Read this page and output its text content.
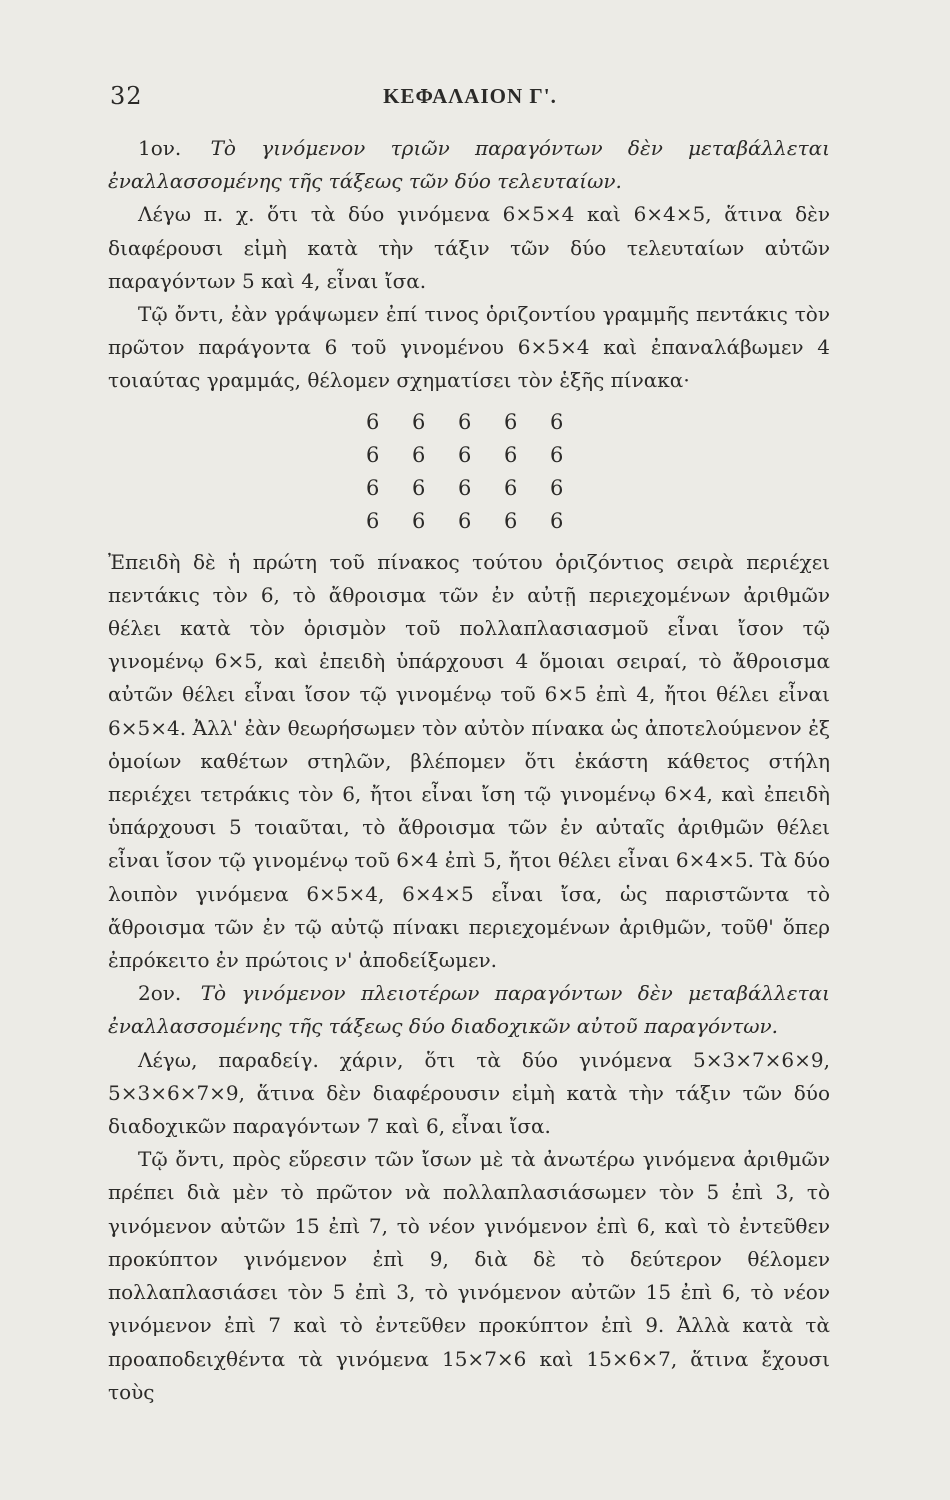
32	ΚΕΦΑΛΑΙΟΝ Γ'.

1ον. Τὸ γινόμενον τριῶν παραγόντων δὲν μεταβάλλεται ἐναλλασσομένης τῆς τάξεως τῶν δύο τελευταίων.

Λέγω π. χ. ὅτι τὰ δύο γινόμενα 6×5×4 καὶ 6×4×5, ἅτινα δὲν διαφέρουσι εἰμὴ κατὰ τὴν τάξιν τῶν δύο τελευταίων αὐτῶν παραγόντων 5 καὶ 4, εἶναι ἴσα.

Τῷ ὄντι, ἐὰν γράψωμεν ἐπί τινος ὁριζοντίου γραμμῆς πεντάκις τὸν πρῶτον παράγοντα 6 τοῦ γινομένου 6×5×4 καὶ ἐπαναλάβωμεν 4 τοιαύτας γραμμάς, θέλομεν σχηματίσει τὸν ἑξῆς πίνακα·

6	6	6	6	6
6	6	6	6	6
6	6	6	6	6
6	6	6	6	6

Ἐπειδὴ δὲ ἡ πρώτη τοῦ πίνακος τούτου ὁριζόντιος σειρὰ περιέχει πεντάκις τὸν 6, τὸ ἄθροισμα τῶν ἐν αὐτῇ περιεχομένων ἀριθμῶν θέλει κατὰ τὸν ὁρισμὸν τοῦ πολλαπλασιασμοῦ εἶναι ἴσον τῷ γινομένῳ 6×5, καὶ ἐπειδὴ ὑπάρχουσι 4 ὅμοιαι σειραί, τὸ ἄθροισμα αὐτῶν θέλει εἶναι ἴσον τῷ γινομένῳ τοῦ 6×5 ἐπὶ 4, ἤτοι θέλει εἶναι 6×5×4. Ἀλλ' ἐὰν θεωρήσωμεν τὸν αὐτὸν πίνακα ὡς ἀποτελούμενον ἐξ ὁμοίων καθέτων στηλῶν, βλέπομεν ὅτι ἑκάστη κάθετος στήλη περιέχει τετράκις τὸν 6, ἤτοι εἶναι ἴση τῷ γινομένῳ 6×4, καὶ ἐπειδὴ ὑπάρχουσι 5 τοιαῦται, τὸ ἄθροισμα τῶν ἐν αὐταῖς ἀριθμῶν θέλει εἶναι ἴσον τῷ γινομένῳ τοῦ 6×4 ἐπὶ 5, ἤτοι θέλει εἶναι 6×4×5. Τὰ δύο λοιπὸν γινόμενα 6×5×4, 6×4×5 εἶναι ἴσα, ὡς παριστῶντα τὸ ἄθροισμα τῶν ἐν τῷ αὐτῷ πίνακι περιεχομένων ἀριθμῶν, τοῦθ' ὅπερ ἐπρόκειτο ἐν πρώτοις ν' ἀποδείξωμεν.

2ον. Τὸ γινόμενον πλειοτέρων παραγόντων δὲν μεταβάλλεται ἐναλλασσομένης τῆς τάξεως δύο διαδοχικῶν αὐτοῦ παραγόντων.

Λέγω, παραδείγ. χάριν, ὅτι τὰ δύο γινόμενα 5×3×7×6×9, 5×3×6×7×9, ἅτινα δὲν διαφέρουσιν εἰμὴ κατὰ τὴν τάξιν τῶν δύο διαδοχικῶν παραγόντων 7 καὶ 6, εἶναι ἴσα.

Τῷ ὄντι, πρὸς εὕρεσιν τῶν ἴσων μὲ τὰ ἀνωτέρω γινόμενα ἀριθμῶν πρέπει διὰ μὲν τὸ πρῶτον νὰ πολλαπλασιάσωμεν τὸν 5 ἐπὶ 3, τὸ γινόμενον αὐτῶν 15 ἐπὶ 7, τὸ νέον γινόμενον ἐπὶ 6, καὶ τὸ ἐντεῦθεν προκύπτον γινόμενον ἐπὶ 9, διὰ δὲ τὸ δεύτερον θέλομεν πολλαπλασιάσει τὸν 5 ἐπὶ 3, τὸ γινόμενον αὐτῶν 15 ἐπὶ 6, τὸ νέον γινόμενον ἐπὶ 7 καὶ τὸ ἐντεῦθεν προκύπτον ἐπὶ 9. Ἀλλὰ κατὰ τὰ προαποδειχθέντα τὰ γινόμενα 15×7×6 καὶ 15×6×7, ἅτινα ἔχουσι τοὺς
